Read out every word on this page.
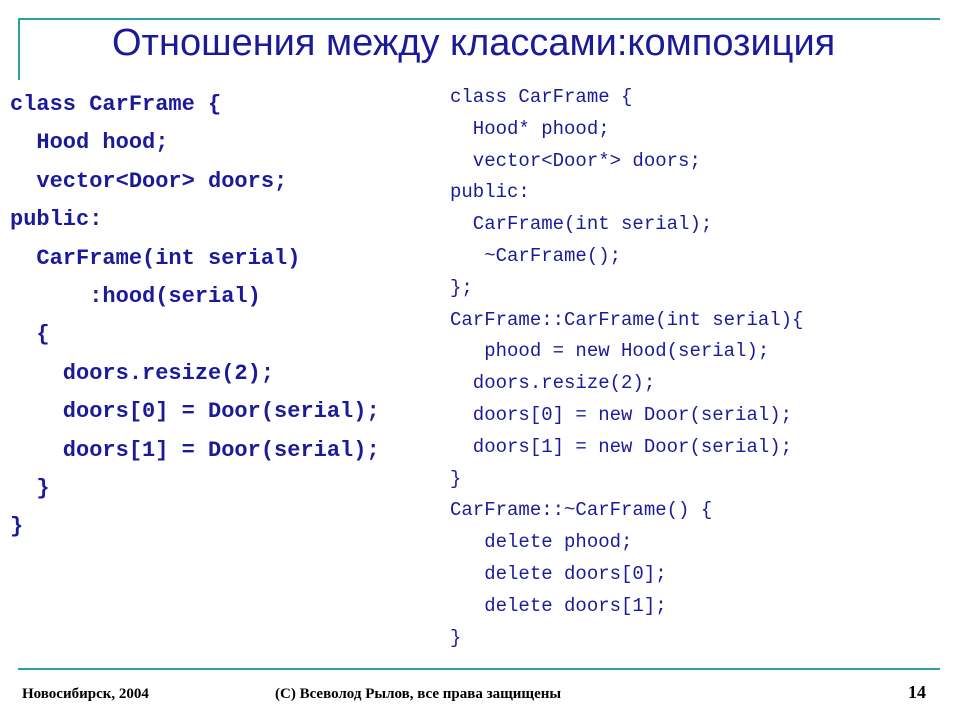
Отношения между классами:композиция
class CarFrame {
Hood hood;
vector<Door> doors;
public:
CarFrame(int serial)
:hood(serial)
{
doors.resize(2);
doors[0] = Door(serial);
doors[1] = Door(serial);
}
}
class CarFrame {
Hood* phood;
vector<Door*> doors;
public:
CarFrame(int serial);
~CarFrame();
};
CarFrame::CarFrame(int serial){
phood = new Hood(serial);
doors.resize(2);
doors[0] = new Door(serial);
doors[1] = new Door(serial);
}
CarFrame::~CarFrame() {
delete phood;
delete doors[0];
delete doors[1];
}
Новосибирск, 2004	(С) Всеволод Рылов, все права защищены	14
